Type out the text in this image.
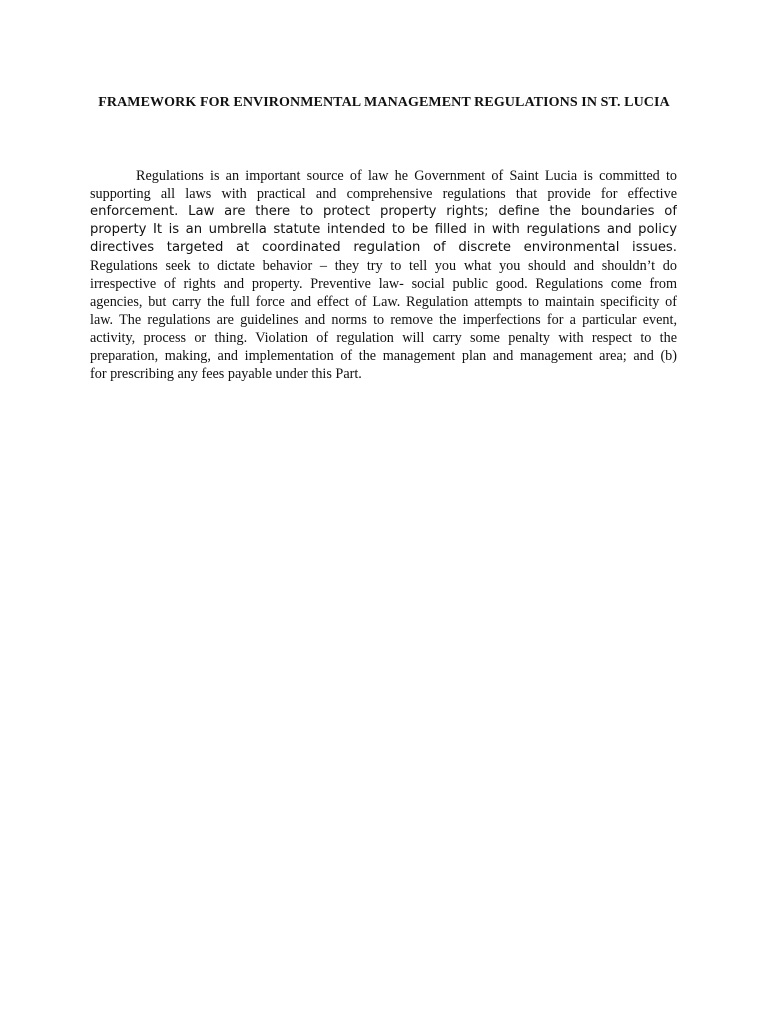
FRAMEWORK FOR ENVIRONMENTAL MANAGEMENT REGULATIONS IN ST. LUCIA
Regulations is an important source of law he Government of Saint Lucia is committed to
supporting all laws with practical and comprehensive regulations that provide for effective
enforcement. Law are there to protect property rights; define the boundaries of
property It is an umbrella statute intended to be filled in with regulations and policy
directives targeted at coordinated regulation of discrete environmental issues.
Regulations seek to dictate behavior – they try to tell you what you should and shouldn’t do
irrespective of rights and property. Preventive law- social public good. Regulations come from
agencies, but carry the full force and effect of Law. Regulation attempts to maintain specificity of
law. The regulations are guidelines and norms to remove the imperfections for a particular event,
activity, process or thing. Violation of regulation will carry some penalty with respect to the
preparation, making, and implementation of the management plan and management area; and (b)
for prescribing any fees payable under this Part.
